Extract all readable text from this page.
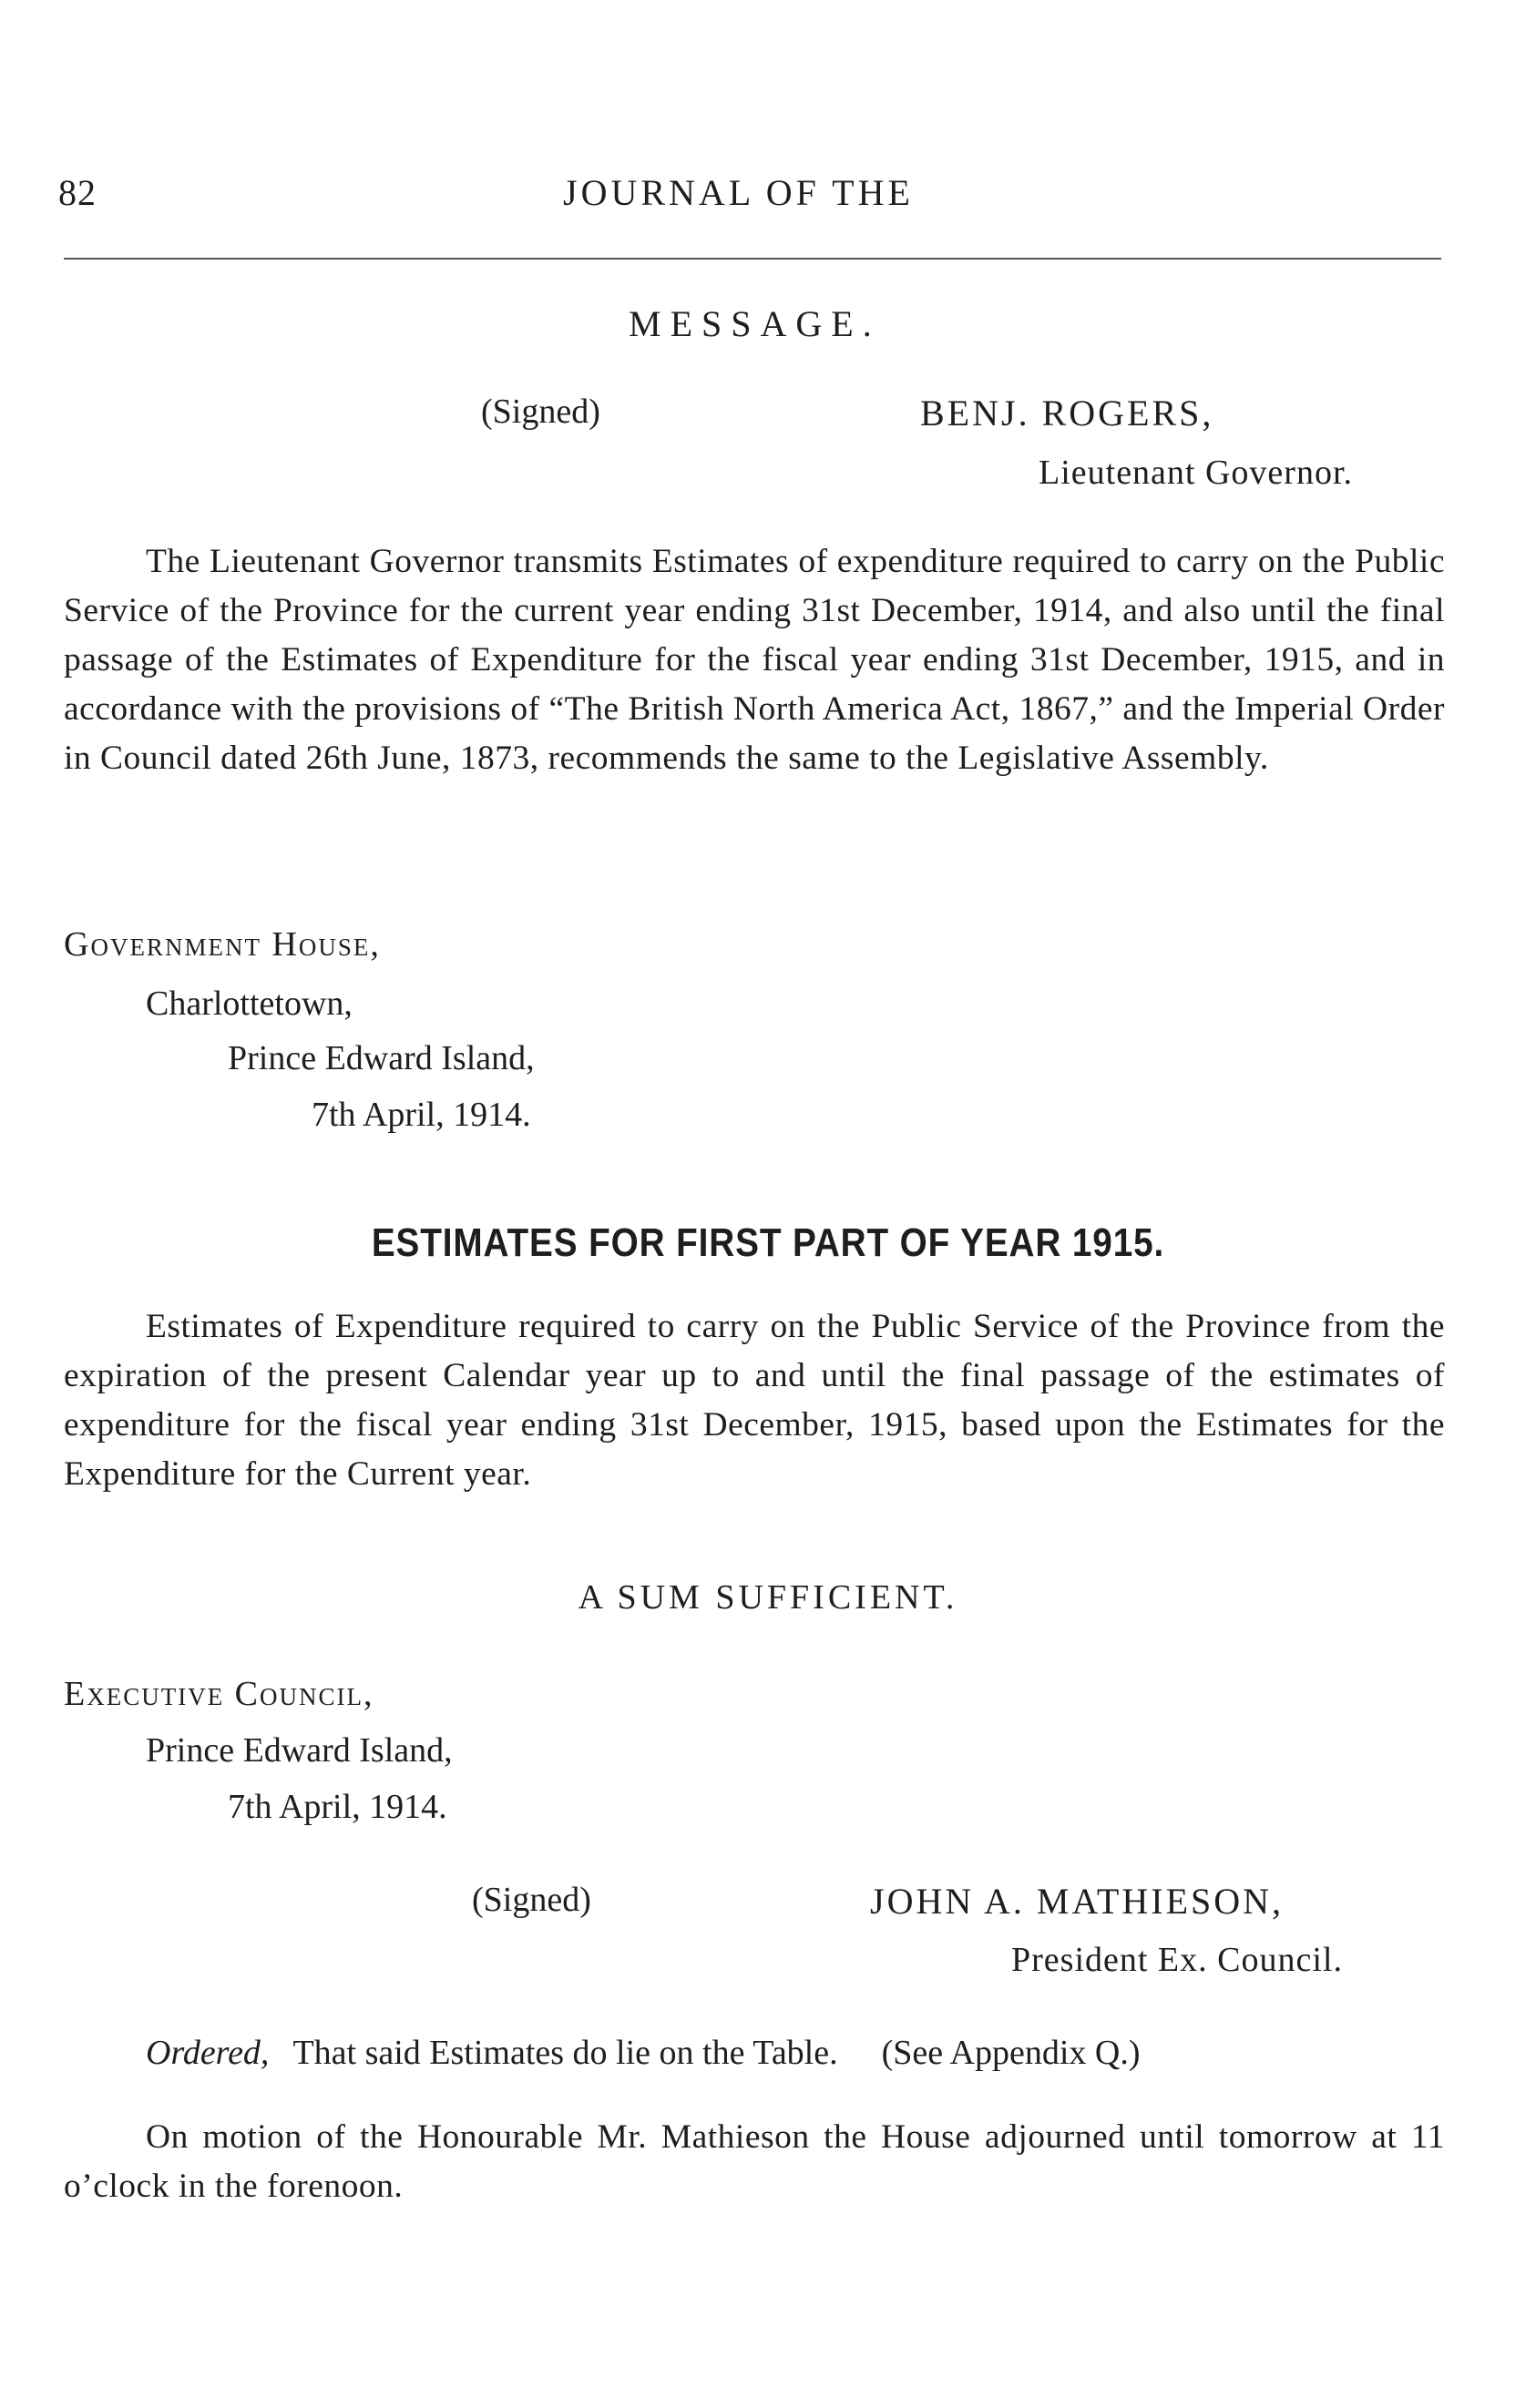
82	JOURNAL OF THE
MESSAGE.
(Signed)	BENJ. ROGERS,
Lieutenant Governor.
The Lieutenant Governor transmits Estimates of expenditure required to carry on the Public Service of the Province for the current year ending 31st December, 1914, and also until the final passage of the Estimates of Expenditure for the fiscal year ending 31st December, 1915, and in accordance with the provisions of “The British North America Act, 1867,” and the Imperial Order in Council dated 26th June, 1873, recommends the same to the Legislative Assembly.
Government House,
Charlottetown,
Prince Edward Island,
7th April, 1914.
ESTIMATES FOR FIRST PART OF YEAR 1915.
Estimates of Expenditure required to carry on the Public Service of the Province from the expiration of the present Calendar year up to and until the final passage of the estimates of expenditure for the fiscal year ending 31st December, 1915, based upon the Estimates for the Expenditure for the Current year.
A SUM SUFFICIENT.
Executive Council,
Prince Edward Island,
7th April, 1914.
(Signed)	JOHN A. MATHIESON,
President Ex. Council.
Ordered, That said Estimates do lie on the Table. (See Appendix Q.)
On motion of the Honourable Mr. Mathieson the House adjourned until tomorrow at 11 o’clock in the forenoon.
